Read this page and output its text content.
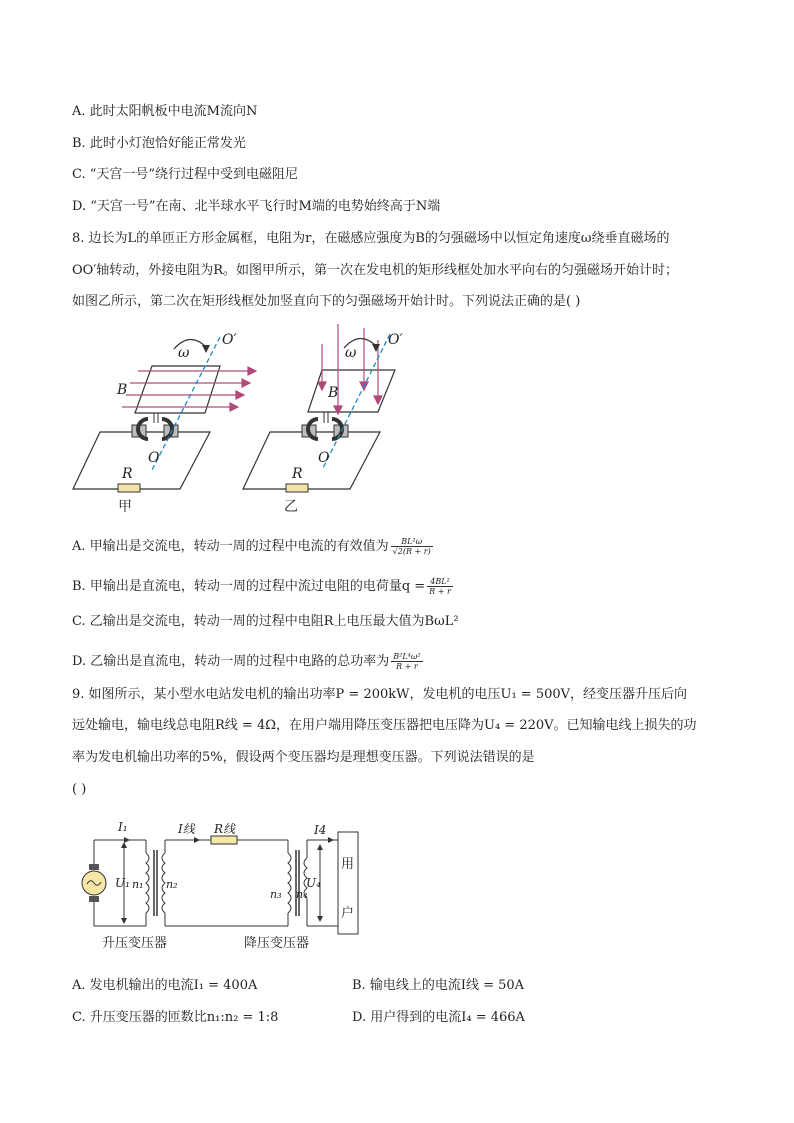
A. 此时太阳帆板中电流M流向N
B. 此时小灯泡恰好能正常发光
C. “天宫一号”绕行过程中受到电磁阻尼
D. “天宫一号”在南、北半球水平飞行时M端的电势始终高于N端
8. 边长为L的单匝正方形金属框，电阻为r，在磁感应强度为B的匀强磁场中以恒定角速度ω绕垂直磁场的
OO′轴转动，外接电阻为R。如图甲所示，第一次在发电机的矩形线框处加水平向右的匀强磁场开始计时；
如图乙所示，第二次在矩形线框处加竖直向下的匀强磁场开始计时。下列说法正确的是( )
ω
O′
B
O
R
甲
ω
O′
B
O
R
乙
A. 甲输出是交流电，转动一周的过程中电流的有效值为 $\frac{\text{BL²ω}}{√2(R + r)}$
B. 甲输出是直流电，转动一周的过程中流过电阻的电荷量$q = \frac{\text{4BL²}}{R + r}$
C. 乙输出是交流电，转动一周的过程中电阻R上电压最大值为BωL²
D. 乙输出是直流电，转动一周的过程中电路的总功率为 $\frac{\text{B²L⁴ω²}}{R + r}$
9. 如图所示，某小型水电站发电机的输出功率P = 200kW，发电机的电压U₁ = 500V，经变压器升压后向
远处输电，输电线总电阻R线 = 4Ω，在用户端用降压变压器把电压降为U₄ = 220V。已知输电线上损失的功
率为发电机输出功率的5%，假设两个变压器均是理想变压器。下列说法错误的是
( )
I₁	I线 R线	I4
U₁ n₁ n₂
n₃ n₄
U₄
用
户
升压变压器	降压变压器
A. 发电机输出的电流I₁ = 400A	B. 输电线上的电流I线 = 50A
C. 升压变压器的匝数比n₁:n₂ = 1:8	D. 用户得到的电流I₄ = 466A
